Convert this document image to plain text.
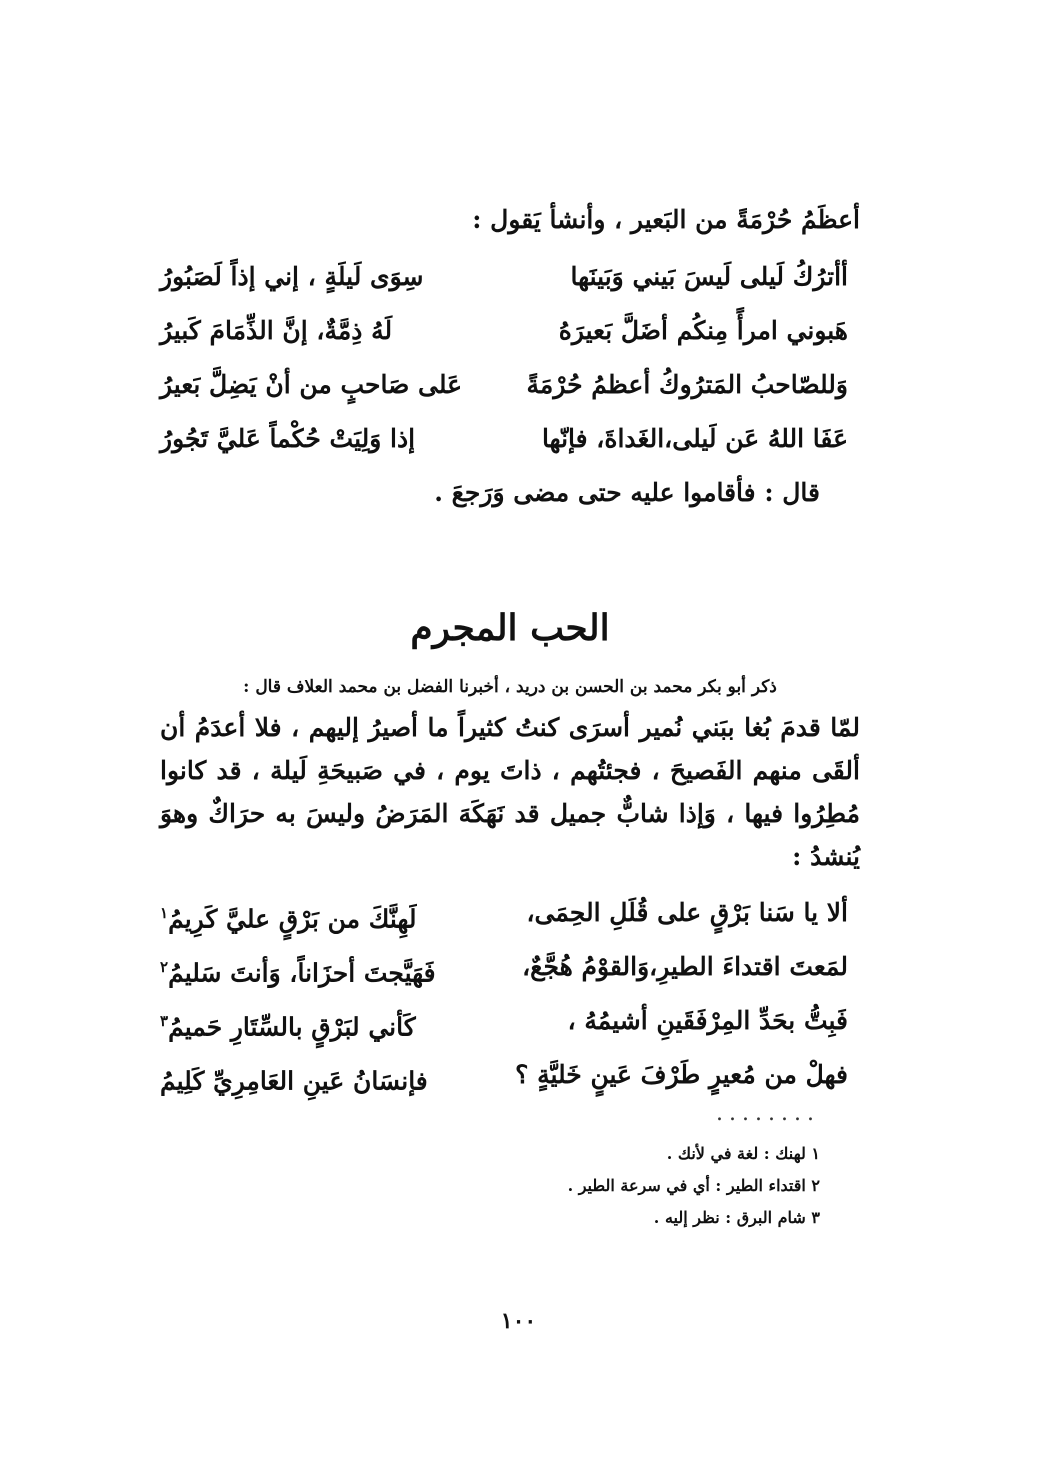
أعظَمُ حُرْمَةً من البَعير ، وأنشأ يَقول :
أأترُكُ لَيلى لَيسَ بَيني وَبَينَها
سِوَى لَيلَةٍ ، إني إذاً لَصَبُورُ
هَبوني امرأً مِنكُم أضَلَّ بَعيرَهُ
لَهُ ذِمَّةٌ، إنَّ الذِّمَامَ كَبيرُ
وَللصّاحبُ المَترُوكُ أعظمُ حُرْمَةً
عَلى صَاحبٍ من أنْ يَضِلَّ بَعيرُ
عَفَا اللهُ عَن لَيلى،الغَداةَ، فإنّها
إذا وَلِيَتْ حُكْماً عَليَّ تَجُورُ
قال : فأقاموا عليه حتى مضى وَرَجعَ .
الحب المجرم
ذكر أبو بكر محمد بن الحسن بن دريد ، أخبرنا الفضل بن محمد العلاف قال :
لمّا قدمَ بُغا ببَني نُمير أسرَى كنتُ كثيراً ما أصيرُ إليهم ، فلا أعدَمُ أن ألقَى منهم الفَصيحَ ، فجئتُهم ، ذاتَ يوم ، في صَبيحَةِ لَيلة ، قد كانوا مُطِرُوا فيها ، وَإذا شابٌّ جميل قد نَهَكَهَ المَرَضُ وليسَ به حرَاكٌ وهوَ يُنشدُ :
ألا يا سَنا بَرْقٍ على قُلَلِ الحِمَى،
لَهِنَّكَ من بَرْقٍ عليَّ كَرِيمُ$^١$
لمَعتَ اقتداءَ الطيرِ،وَالقوْمُ هُجَّعٌ،
فَهَيَّجتَ أحزَاناً، وَأنتَ سَليمُ$^٢$
فَبِتُّ بحَدِّ المِرْفَقَينِ أشيمُهُ ،
كَأني لبَرْقٍ بالسِّتَارِ حَميمُ$^٣$
فهلْ من مُعيرٍ طَرْفَ عَينٍ خَليَّةٍ ؟
فإنسَانُ عَينِ العَامِرِيِّ كَلِيمُ
........
١ لهنك : لغة في لأنك .
٢ اقتداء الطير : أي في سرعة الطير .
٣ شام البرق : نظر إليه .
١٠٠
